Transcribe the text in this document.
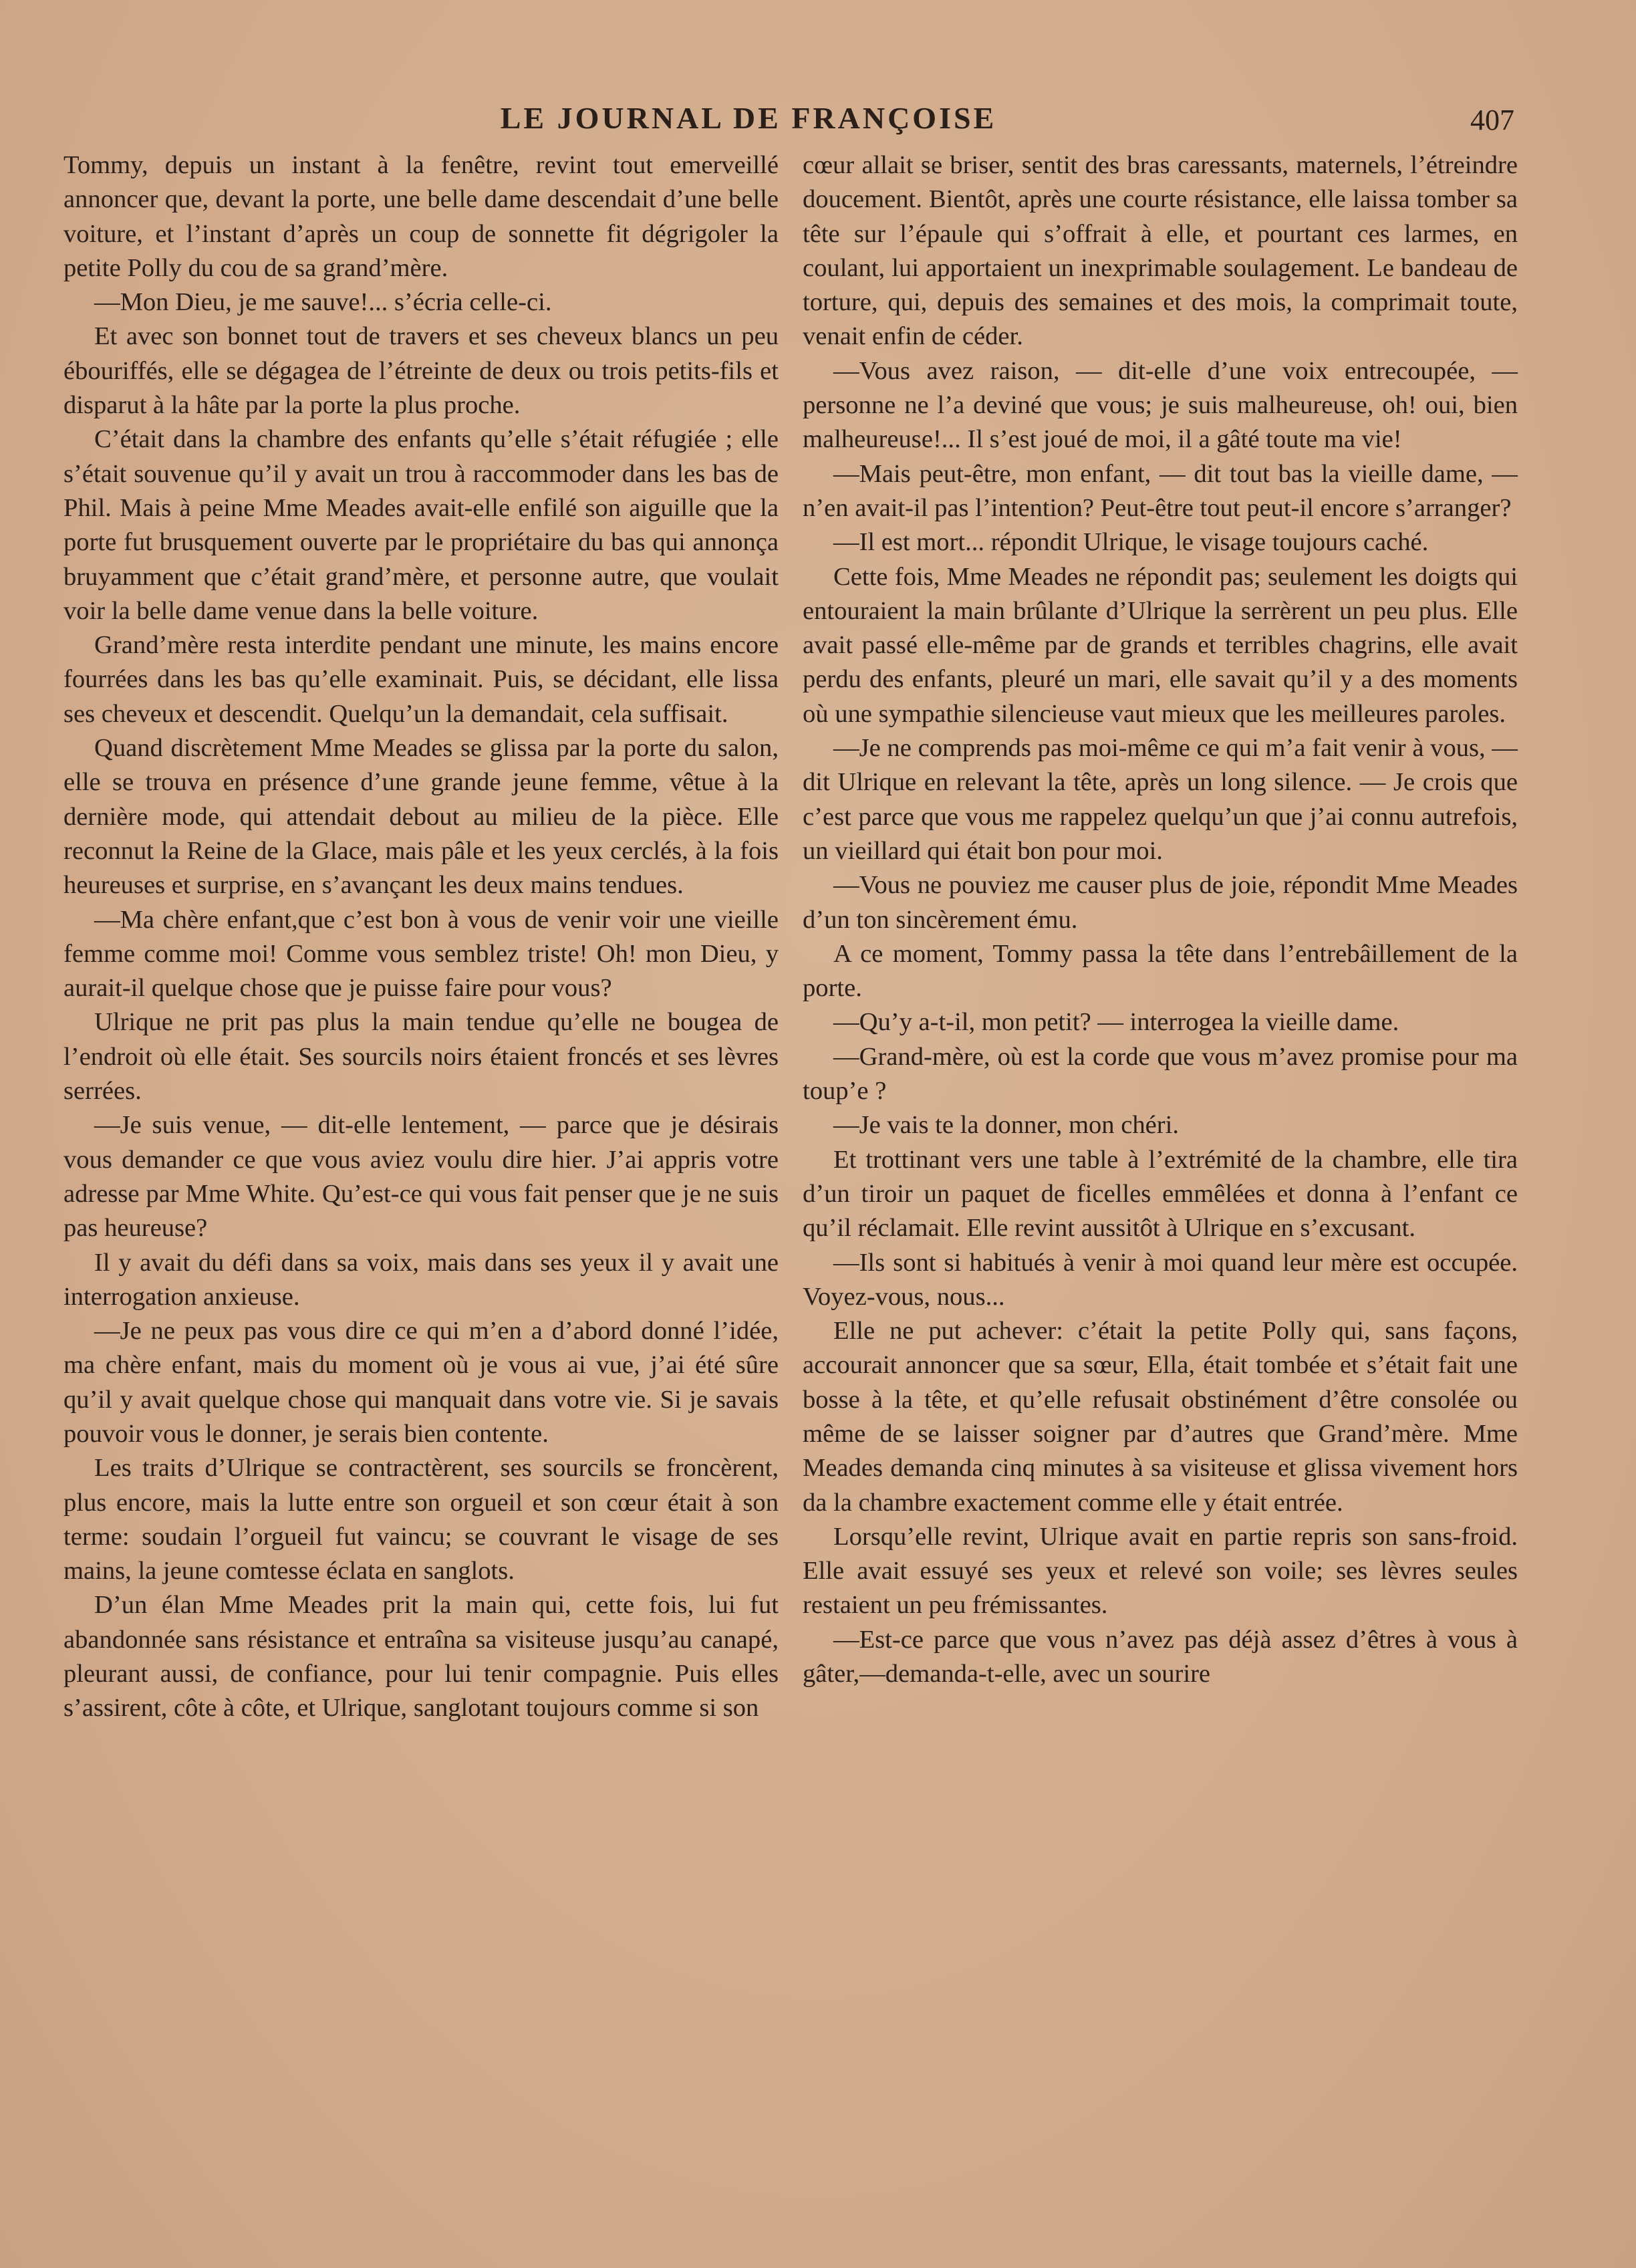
LE JOURNAL DE FRANÇOISE	407

Tommy, depuis un instant à la fenêtre, revint tout emerveillé annoncer que, devant la porte, une belle dame descendait d’une belle voiture, et l’instant d’après un coup de sonnette fit dégrigoler la petite Polly du cou de sa grand’mère.

—Mon Dieu, je me sauve!... s’écria celle-ci.

Et avec son bonnet tout de travers et ses cheveux blancs un peu ébouriffés, elle se dégagea de l’étreinte de deux ou trois petits-fils et disparut à la hâte par la porte la plus proche.

C’était dans la chambre des enfants qu’elle s’était réfugiée ; elle s’était souvenue qu’il y avait un trou à raccommoder dans les bas de Phil. Mais à peine Mme Meades avait-elle enfilé son aiguille que la porte fut brusquement ouverte par le propriétaire du bas qui annonça bruyamment que c’était grand’mère, et personne autre, que voulait voir la belle dame venue dans la belle voiture.

Grand’mère resta interdite pendant une minute, les mains encore fourrées dans les bas qu’elle examinait. Puis, se décidant, elle lissa ses cheveux et descendit. Quelqu’un la demandait, cela suffisait.

Quand discrètement Mme Meades se glissa par la porte du salon, elle se trouva en présence d’une grande jeune femme, vêtue à la dernière mode, qui attendait debout au milieu de la pièce. Elle reconnut la Reine de la Glace, mais pâle et les yeux cerclés, à la fois heureuses et surprise, en s’avançant les deux mains tendues.

—Ma chère enfant,que c’est bon à vous de venir voir une vieille femme comme moi! Comme vous semblez triste! Oh! mon Dieu, y aurait-il quelque chose que je puisse faire pour vous?

Ulrique ne prit pas plus la main tendue qu’elle ne bougea de l’endroit où elle était. Ses sourcils noirs étaient froncés et ses lèvres serrées.

—Je suis venue, — dit-elle lentement, — parce que je désirais vous demander ce que vous aviez voulu dire hier. J’ai appris votre adresse par Mme White. Qu’est-ce qui vous fait penser que je ne suis pas heureuse?

Il y avait du défi dans sa voix, mais dans ses yeux il y avait une interrogation anxieuse.

—Je ne peux pas vous dire ce qui m’en a d’abord donné l’idée, ma chère enfant, mais du moment où je vous ai vue, j’ai été sûre qu’il y avait quelque chose qui manquait dans votre vie. Si je savais pouvoir vous le donner, je serais bien contente.

Les traits d’Ulrique se contractèrent, ses sourcils se froncèrent, plus encore, mais la lutte entre son orgueil et son cœur était à son terme: soudain l’orgueil fut vaincu; se couvrant le visage de ses mains, la jeune comtesse éclata en sanglots.

D’un élan Mme Meades prit la main qui, cette fois, lui fut abandonnée sans résistance et entraîna sa visiteuse jusqu’au canapé, pleurant aussi, de confiance, pour lui tenir compagnie. Puis elles s’assirent, côte à côte, et Ulrique, sanglotant toujours comme si son

cœur allait se briser, sentit des bras caressants, maternels, l’étreindre doucement. Bientôt, après une courte résistance, elle laissa tomber sa tête sur l’épaule qui s’offrait à elle, et pourtant ces larmes, en coulant, lui apportaient un inexprimable soulagement. Le bandeau de torture, qui, depuis des semaines et des mois, la comprimait toute, venait enfin de céder.

—Vous avez raison, — dit-elle d’une voix entrecoupée, — personne ne l’a deviné que vous; je suis malheureuse, oh! oui, bien malheureuse!... Il s’est joué de moi, il a gâté toute ma vie!

—Mais peut-être, mon enfant, — dit tout bas la vieille dame, — n’en avait-il pas l’intention? Peut-être tout peut-il encore s’arranger?

—Il est mort... répondit Ulrique, le visage toujours caché.

Cette fois, Mme Meades ne répondit pas; seulement les doigts qui entouraient la main brûlante d’Ulrique la serrèrent un peu plus. Elle avait passé elle-même par de grands et terribles chagrins, elle avait perdu des enfants, pleuré un mari, elle savait qu’il y a des moments où une sympathie silencieuse vaut mieux que les meilleures paroles.

—Je ne comprends pas moi-même ce qui m’a fait venir à vous, — dit Ulrique en relevant la tête, après un long silence. — Je crois que c’est parce que vous me rappelez quelqu’un que j’ai connu autrefois, un vieillard qui était bon pour moi.

—Vous ne pouviez me causer plus de joie, répondit Mme Meades d’un ton sincèrement ému.

A ce moment, Tommy passa la tête dans l’entrebâillement de la porte.

—Qu’y a-t-il, mon petit? — interrogea la vieille dame.

—Grand-mère, où est la corde que vous m’avez promise pour ma toup’e ?

—Je vais te la donner, mon chéri.

Et trottinant vers une table à l’extrémité de la chambre, elle tira d’un tiroir un paquet de ficelles emmêlées et donna à l’enfant ce qu’il réclamait. Elle revint aussitôt à Ulrique en s’excusant.

—Ils sont si habitués à venir à moi quand leur mère est occupée. Voyez-vous, nous...

Elle ne put achever: c’était la petite Polly qui, sans façons, accourait annoncer que sa sœur, Ella, était tombée et s’était fait une bosse à la tête, et qu’elle refusait obstinément d’être consolée ou même de se laisser soigner par d’autres que Grand’mère. Mme Meades demanda cinq minutes à sa visiteuse et glissa vivement hors da la chambre exactement comme elle y était entrée.

Lorsqu’elle revint, Ulrique avait en partie repris son sans-froid. Elle avait essuyé ses yeux et relevé son voile; ses lèvres seules restaient un peu frémissantes.

—Est-ce parce que vous n’avez pas déjà assez d’êtres à vous à gâter,—demanda-t-elle, avec un sourire
